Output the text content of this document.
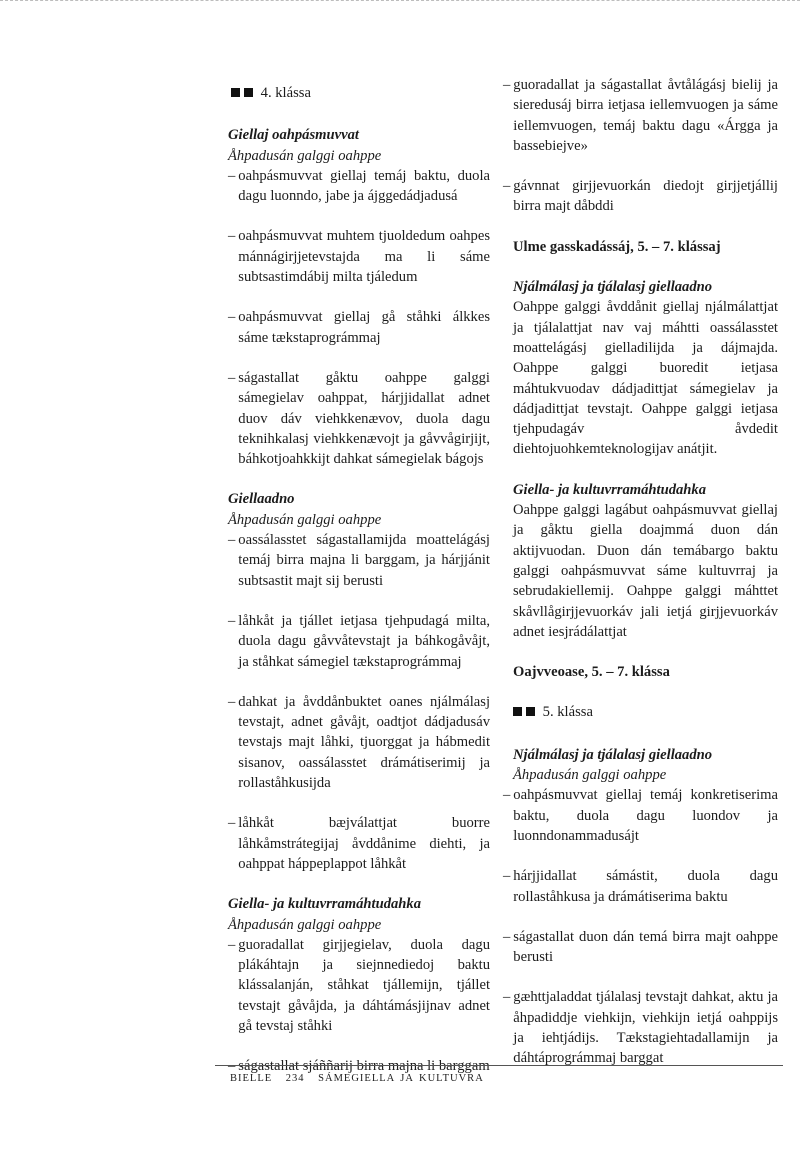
4. klássa
Giellaj oahpásmuvvat
Åhpadusán galggi oahppe
– oahpásmuvvat giellaj temáj baktu, duola dagu luonndo, jabe ja ájggedádjadusá
– oahpásmuvvat muhtem tjuoldedum oahpes mánnágirjjetevstajda ma li sáme subtsastimdábij milta tjáledum
– oahpásmuvvat giellaj gå ståhki álkkes sáme tækstaprográmmaj
– ságastallat gåktu oahppe galggi sámegielav oahppat, hárjjidallat adnet duov dáv viehkkenævov, duola dagu teknihkalasj viehkkenævojt ja gåvvågirjijt, báhkotjoahkkijt dahkat sámegielak bágojs
Giellaadno
Åhpadusán galggi oahppe
– oassálasstet ságastallamijda moattelágásj temáj birra majna li barggam, ja hárjjánit subtsastit majt sij berusti
– låhkåt ja tjállet ietjasa tjehpudagá milta, duola dagu gåvvåtevstajt ja báhkogåvåjt, ja ståhkat sámegiel tækstaprográmmaj
– dahkat ja åvddånbuktet oanes njálmálasj tevstajt, adnet gåvåjt, oadtjot dádjadusáv tevstajs majt låhki, tjuorggat ja hábmedit sisanov, oassálasstet drámátiserimij ja rollaståhkusijda
– låhkåt bæjválattjat buorre låhkåmstrátegijaj åvddånime diehti, ja oahppat háppeplappot låhkåt
Giella- ja kultuvrramáhtudahka
Åhpadusán galggi oahppe
– guoradallat girjjegielav, duola dagu plákáhtajn ja siejnnediedoj baktu klássalanján, ståhkat tjállemijn, tjállet tevstajt gåvåjda, ja dáhtámásjijnav adnet gå tevstaj ståhki
– ságastallat sjáññarij birra majna li barggam
– guoradallat ja ságastallat åvtålágásj bielij ja sieredusáj birra ietjasa iellemvuogen ja sáme iellemvuogen, temáj baktu dagu «Árgga ja bassebiejve»
– gávnnat girjjevuorkán diedojt girjjetjállij birra majt dåbddi
Ulme gasskadássáj, 5. – 7. klássaj
Njálmálasj ja tjálalasj giellaadno
Oahppe galggi åvddånit giellaj njálmálattjat ja tjálalattjat nav vaj máhtti oassálasstet moattelágásj gielladilijda ja dájmajda. Oahppe galggi buoredit ietjasa máhtukvuodav dádjadittjat sámegielav ja dádjadittjat tevstajt. Oahppe galggi ietjasa tjehpudagáv åvdedit diehtojuohkemteknologijav anátjit.
Giella- ja kultuvrramáhtudahka
Oahppe galggi lagábut oahpásmuvvat giellaj ja gåktu giella doajmmá duon dán aktijvuodan. Duon dán temábargo baktu galggi oahpásmuvvat sáme kultuvrraj ja sebrudakiellemij. Oahppe galggi máhttet skåvllågirjjevuorkáv jali ietjá girjjevuorkáv adnet iesjrádálattjat
Oajvveoase, 5. – 7. klássa
5. klássa
Njálmálasj ja tjálalasj giellaadno
Åhpadusán galggi oahppe
– oahpásmuvvat giellaj temáj konkretiserima baktu, duola dagu luondov ja luonndonammadusájt
– hárjjidallat sámástit, duola dagu rollaståhkusa ja drámátiserima baktu
– ságastallat duon dán temá birra majt oahppe berusti
– gæhttjaladdat tjálalasj tevstajt dahkat, aktu ja åhpadiddje viehkijn, viehkijn ietjá oahppijs ja iehtjádijs. Tækstagiehtadallamijn ja dáhtáprográmmaj barggat
BIELLE 234 SÁMEGIELLA JA KULTUVRA
